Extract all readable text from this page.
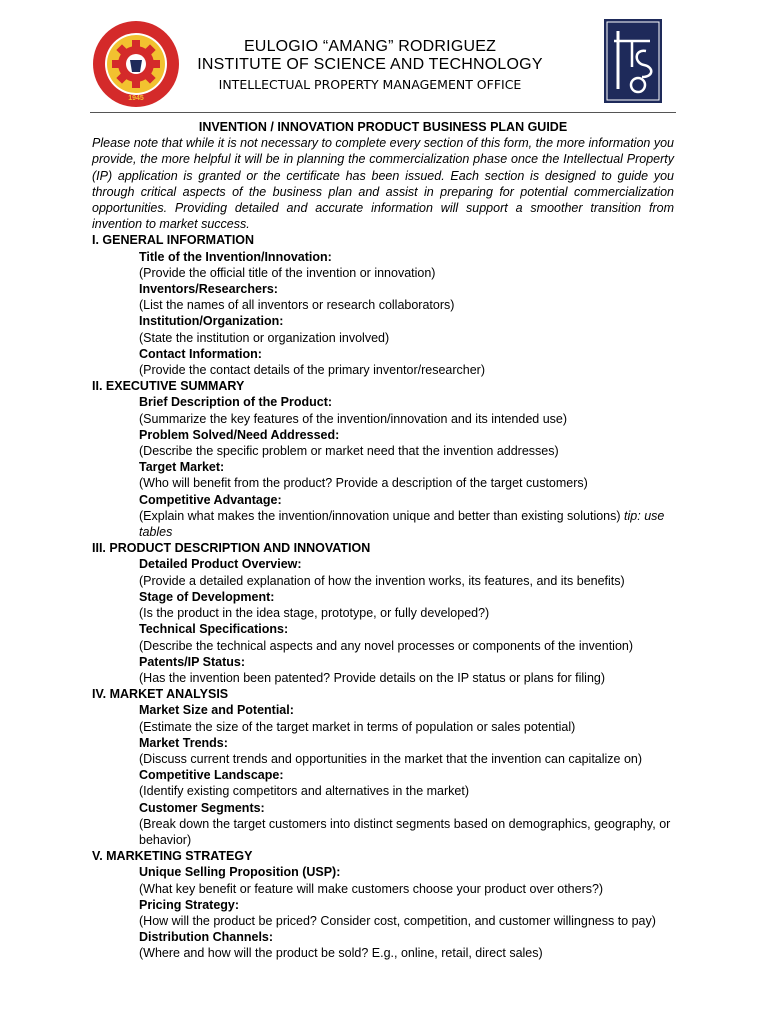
1945
EULOGIO “AMANG” RODRIGUEZ
INSTITUTE OF SCIENCE AND TECHNOLOGY
INTELLECTUAL PROPERTY MANAGEMENT OFFICE
INVENTION / INNOVATION PRODUCT BUSINESS PLAN GUIDE
Please note that while it is not necessary to complete every section of this form, the more information you provide, the more helpful it will be in planning the commercialization phase once the Intellectual Property (IP) application is granted or the certificate has been issued. Each section is designed to guide you through critical aspects of the business plan and assist in preparing for potential commercialization opportunities. Providing detailed and accurate information will support a smoother transition from invention to market success.
I. GENERAL INFORMATION
Title of the Invention/Innovation:
(Provide the official title of the invention or innovation)
Inventors/Researchers:
(List the names of all inventors or research collaborators)
Institution/Organization:
(State the institution or organization involved)
Contact Information:
(Provide the contact details of the primary inventor/researcher)
II. EXECUTIVE SUMMARY
Brief Description of the Product:
(Summarize the key features of the invention/innovation and its intended use)
Problem Solved/Need Addressed:
(Describe the specific problem or market need that the invention addresses)
Target Market:
(Who will benefit from the product? Provide a description of the target customers)
Competitive Advantage:
(Explain what makes the invention/innovation unique and better than existing solutions) tip: use tables
III. PRODUCT DESCRIPTION AND INNOVATION
Detailed Product Overview:
(Provide a detailed explanation of how the invention works, its features, and its benefits)
Stage of Development:
(Is the product in the idea stage, prototype, or fully developed?)
Technical Specifications:
(Describe the technical aspects and any novel processes or components of the invention)
Patents/IP Status:
(Has the invention been patented? Provide details on the IP status or plans for filing)
IV. MARKET ANALYSIS
Market Size and Potential:
(Estimate the size of the target market in terms of population or sales potential)
Market Trends:
(Discuss current trends and opportunities in the market that the invention can capitalize on)
Competitive Landscape:
(Identify existing competitors and alternatives in the market)
Customer Segments:
(Break down the target customers into distinct segments based on demographics, geography, or behavior)
V. MARKETING STRATEGY
Unique Selling Proposition (USP):
(What key benefit or feature will make customers choose your product over others?)
Pricing Strategy:
(How will the product be priced? Consider cost, competition, and customer willingness to pay)
Distribution Channels:
(Where and how will the product be sold? E.g., online, retail, direct sales)
